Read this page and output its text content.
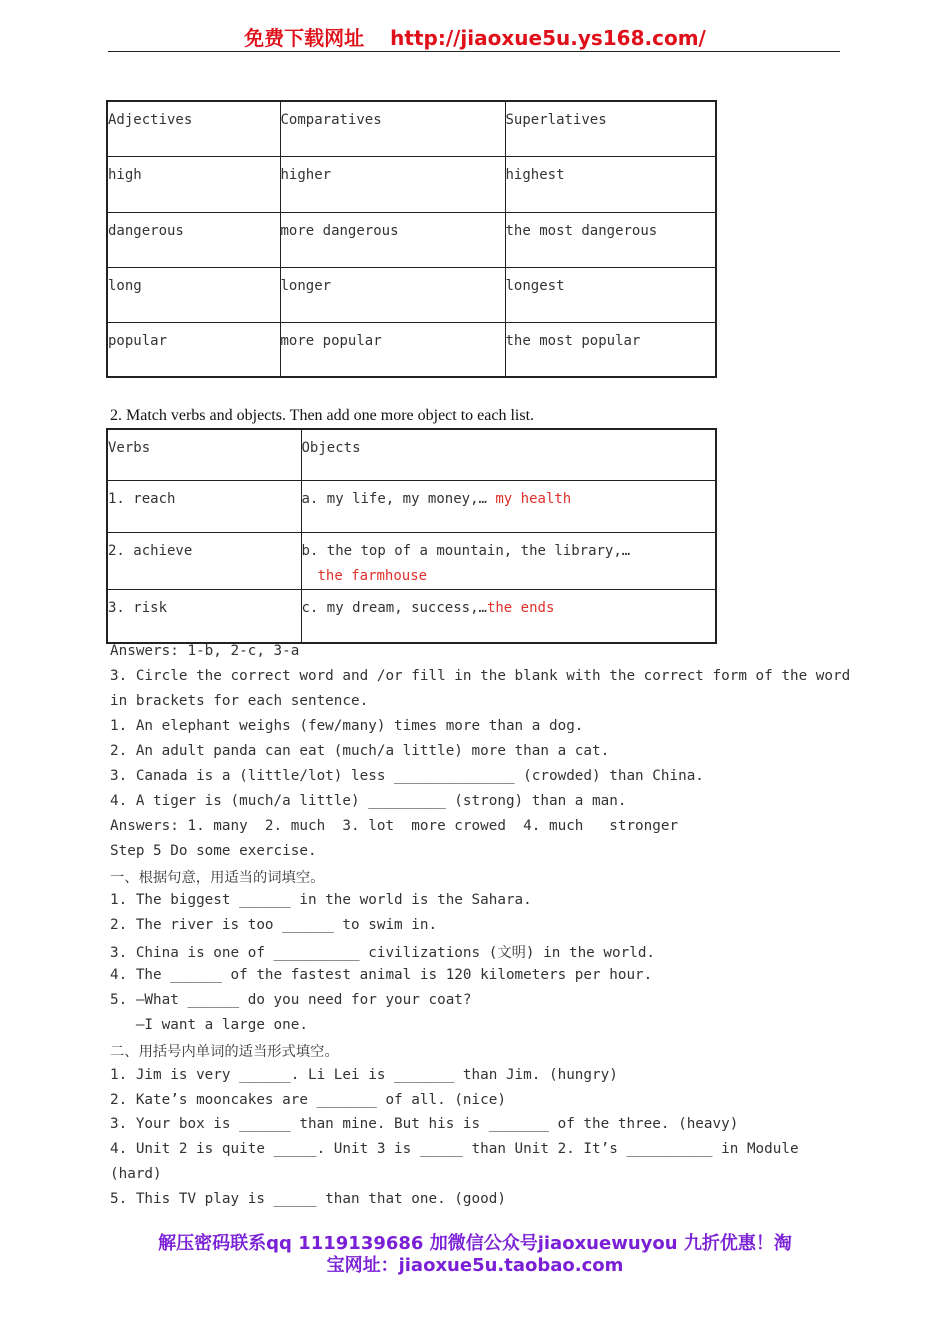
免费下载网址 http://jiaoxue5u.ys168.com/
Adjectives	Comparatives	Superlatives
high	higher	highest
dangerous	more dangerous	the most dangerous
long	longer	longest
popular	more popular	the most popular
2. Match verbs and objects. Then add one more object to each list.
Verbs	Objects
1. reach	a. my life, my money,… my health
2. achieve	b. the top of a mountain, the library,…
the farmhouse

3. risk	c. my dream, success,…the ends
Answers: 1-b, 2-c, 3-a
3. Circle the correct word and /or fill in the blank with the correct form of the word
in brackets for each sentence.
1. An elephant weighs (few/many) times more than a dog.
2. An adult panda can eat (much/a little) more than a cat.
3. Canada is a (little/lot) less ______________ (crowded) than China.
4. A tiger is (much/a little) _________ (strong) than a man.
Answers: 1. many  2. much  3. lot  more crowed  4. much   stronger
Step 5 Do some exercise.
一、根据句意，用适当的词填空。
1. The biggest ______ in the world is the Sahara.
2. The river is too ______ to swim in.
3. China is one of __________ civilizations (文明) in the world.
4. The ______ of the fastest animal is 120 kilometers per hour.
5. —What ______ do you need for your coat?
—I want a large one.
二、用括号内单词的适当形式填空。
1. Jim is very ______. Li Lei is _______ than Jim. (hungry)
2. Kate’s mooncakes are _______ of all. (nice)
3. Your box is ______ than mine. But his is _______ of the three. (heavy)
4. Unit 2 is quite _____. Unit 3 is _____ than Unit 2. It’s __________ in Module
(hard)
5. This TV play is _____ than that one. (good)
解压密码联系qq 1119139686 加微信公众号jiaoxuewuyou 九折优惠！淘
宝网址：jiaoxue5u.taobao.com
